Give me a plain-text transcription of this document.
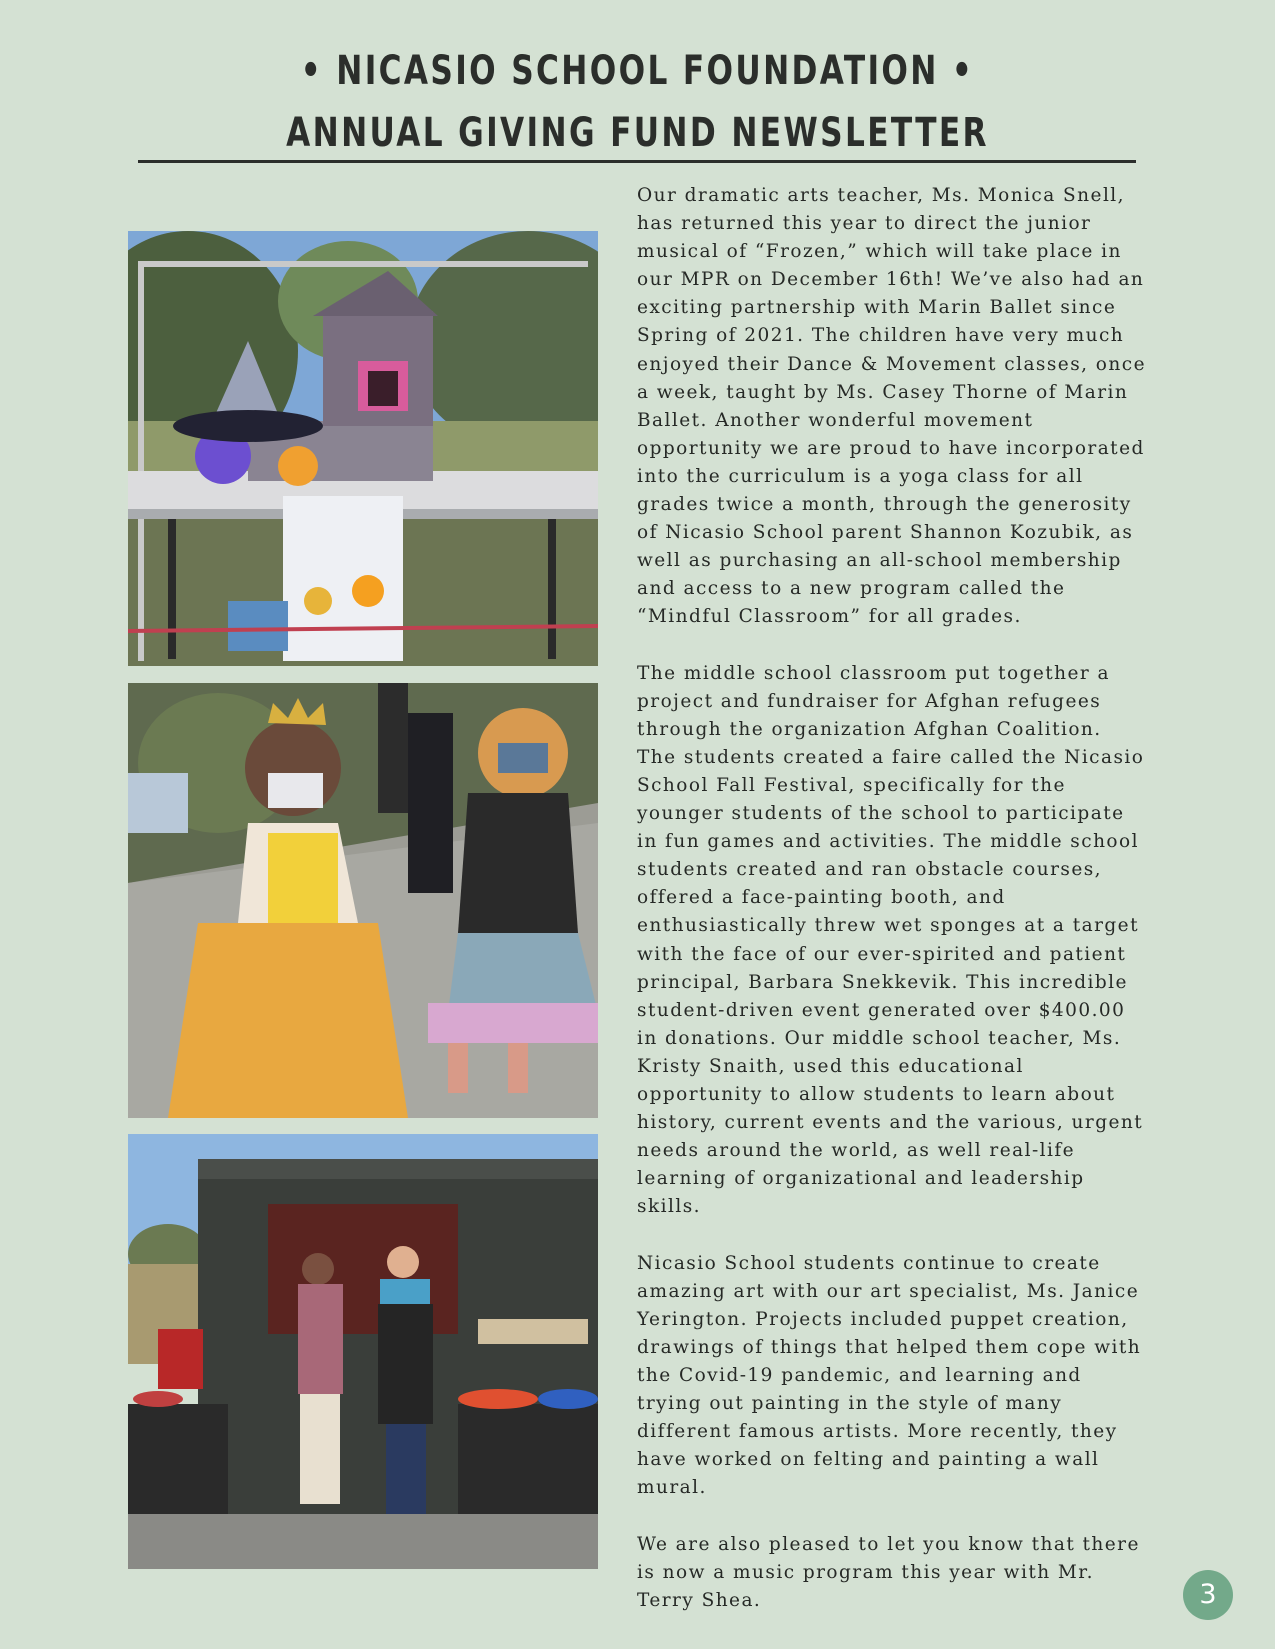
• NICASIO SCHOOL FOUNDATION •
ANNUAL GIVING FUND NEWSLETTER

Our dramatic arts teacher, Ms. Monica Snell,
has returned this year to direct the junior
musical of “Frozen,” which will take place in
our MPR on December 16th! We’ve also had an
exciting partnership with Marin Ballet since
Spring of 2021. The children have very much
enjoyed their Dance & Movement classes, once
a week, taught by Ms. Casey Thorne of Marin
Ballet. Another wonderful movement
opportunity we are proud to have incorporated
into the curriculum is a yoga class for all
grades twice a month, through the generosity
of Nicasio School parent Shannon Kozubik, as
well as purchasing an all-school membership
and access to a new program called the
“Mindful Classroom” for all grades.

The middle school classroom put together a
project and fundraiser for Afghan refugees
through the organization Afghan Coalition.
The students created a faire called the Nicasio
School Fall Festival, specifically for the
younger students of the school to participate
in fun games and activities. The middle school
students created and ran obstacle courses,
offered a face-painting booth, and
enthusiastically threw wet sponges at a target
with the face of our ever-spirited and patient
principal, Barbara Snekkevik. This incredible
student-driven event generated over $400.00
in donations. Our middle school teacher, Ms.
Kristy Snaith, used this educational
opportunity to allow students to learn about
history, current events and the various, urgent
needs around the world, as well real-life
learning of organizational and leadership
skills.

Nicasio School students continue to create
amazing art with our art specialist, Ms. Janice
Yerington. Projects included puppet creation,
drawings of things that helped them cope with
the Covid-19 pandemic, and learning and
trying out painting in the style of many
different famous artists. More recently, they
have worked on felting and painting a wall
mural.

We are also pleased to let you know that there
is now a music program this year with Mr.
Terry Shea.	3
